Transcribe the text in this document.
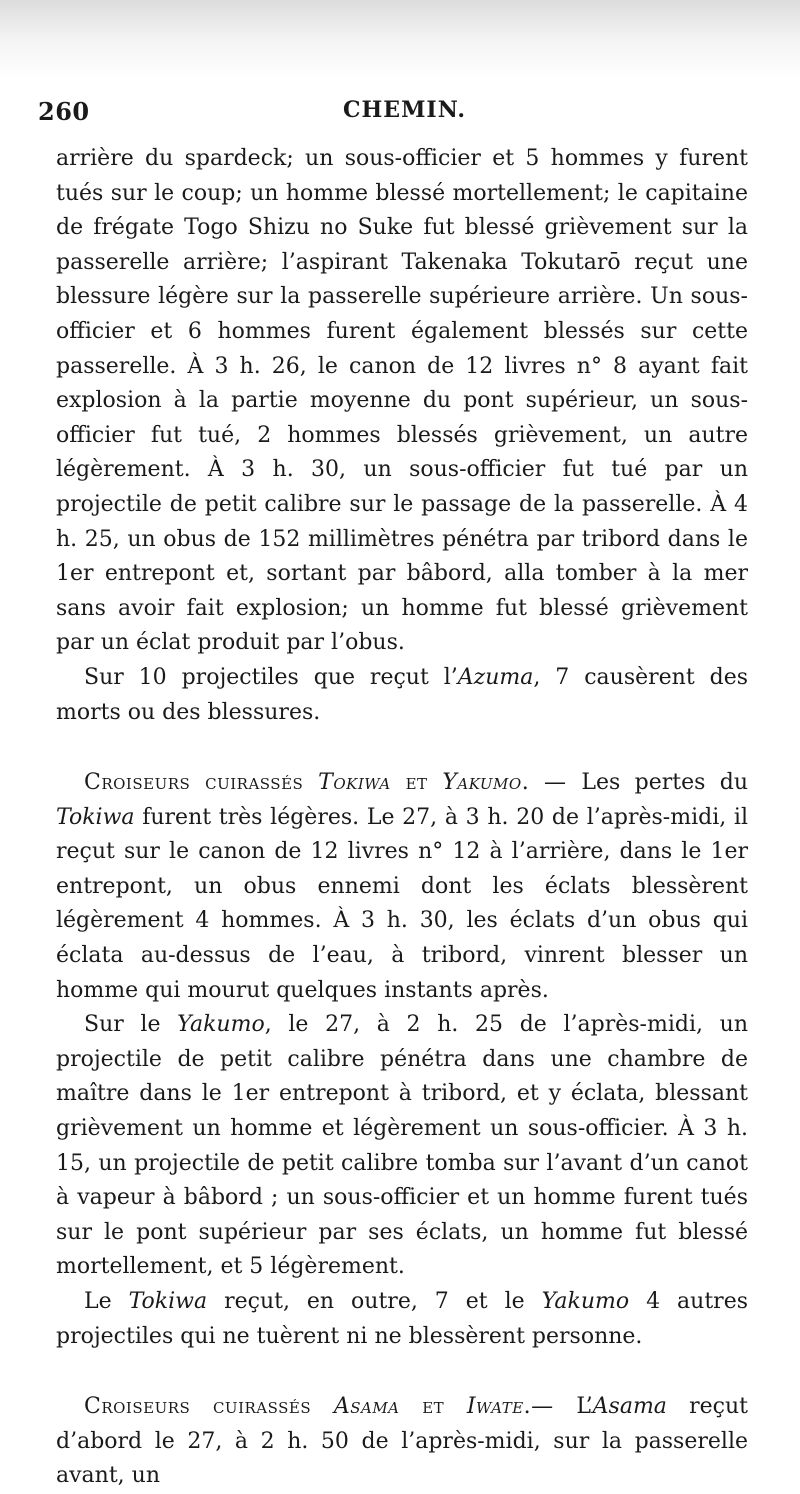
260	CHEMIN.

arrière du spardeck; un sous-officier et 5 hommes y furent tués sur le coup; un homme blessé mortellement; le capitaine de frégate Togo Shizu no Suke fut blessé grièvement sur la passerelle arrière; l’aspirant Takenaka Tokutarō reçut une blessure légère sur la passerelle supérieure arrière. Un sous-officier et 6 hommes furent également blessés sur cette passerelle. À 3 h. 26, le canon de 12 livres n° 8 ayant fait explosion à la partie moyenne du pont supérieur, un sous-officier fut tué, 2 hommes blessés grièvement, un autre légèrement. À 3 h. 30, un sous-officier fut tué par un projectile de petit calibre sur le passage de la passerelle. À 4 h. 25, un obus de 152 millimètres pénétra par tribord dans le 1er entrepont et, sortant par bâbord, alla tomber à la mer sans avoir fait explosion; un homme fut blessé grièvement par un éclat produit par l’obus.

Sur 10 projectiles que reçut l’Azuma, 7 causèrent des morts ou des blessures.

Croiseurs cuirassés Tokiwa et Yakumo. — Les pertes du Tokiwa furent très légères. Le 27, à 3 h. 20 de l’après-midi, il reçut sur le canon de 12 livres n° 12 à l’arrière, dans le 1er entrepont, un obus ennemi dont les éclats blessèrent légèrement 4 hommes. À 3 h. 30, les éclats d’un obus qui éclata au-dessus de l’eau, à tribord, vinrent blesser un homme qui mourut quelques instants après.

Sur le Yakumo, le 27, à 2 h. 25 de l’après-midi, un projectile de petit calibre pénétra dans une chambre de maître dans le 1er entrepont à tribord, et y éclata, blessant grièvement un homme et légèrement un sous-officier. À 3 h. 15, un projectile de petit calibre tomba sur l’avant d’un canot à vapeur à bâbord ; un sous-officier et un homme furent tués sur le pont supérieur par ses éclats, un homme fut blessé mortellement, et 5 légèrement.

Le Tokiwa reçut, en outre, 7 et le Yakumo 4 autres projectiles qui ne tuèrent ni ne blessèrent personne.

Croiseurs cuirassés Asama et Iwate.— L’Asama reçut d’abord le 27, à 2 h. 50 de l’après-midi, sur la passerelle avant, un
